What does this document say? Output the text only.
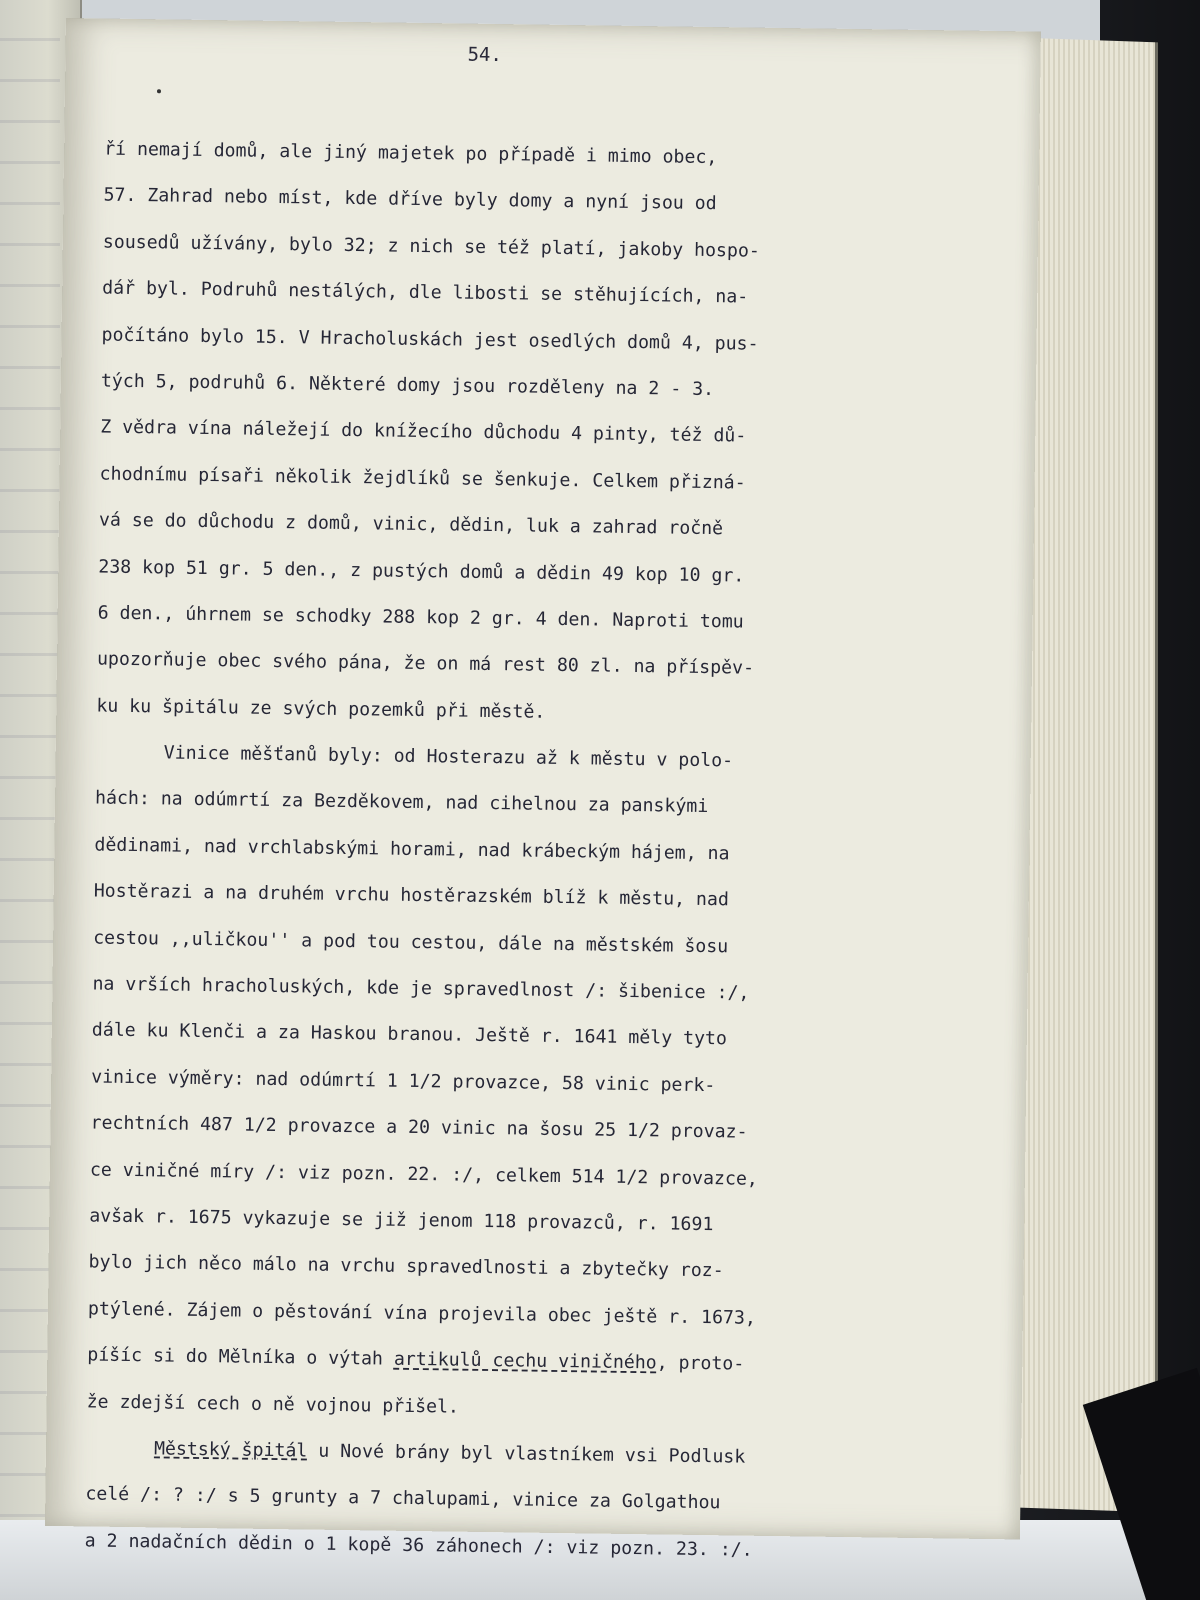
54.
ří nemají domů, ale jiný majetek po případě i mimo obec,
57. Zahrad nebo míst, kde dříve byly domy a nyní jsou od
sousedů užívány, bylo 32; z nich se též platí, jakoby hospo-
dář byl. Podruhů nestálých, dle libosti se stěhujících, na-
počítáno bylo 15. V Hracholuskách jest osedlých domů 4, pus-
tých 5, podruhů 6. Některé domy jsou rozděleny na 2 - 3.
Z vědra vína náležejí do knížecího důchodu 4 pinty, též dů-
chodnímu písaři několik žejdlíků se šenkuje. Celkem přizná-
vá se do důchodu z domů, vinic, dědin, luk a zahrad ročně
238 kop 51 gr. 5 den., z pustých domů a dědin 49 kop 10 gr.
6 den., úhrnem se schodky 288 kop 2 gr. 4 den. Naproti tomu
upozorňuje obec svého pána, že on má rest 80 zl. na příspěv-
ku ku špitálu ze svých pozemků při městě.
Vinice měšťanů byly: od Hosterazu až k městu v polo-
hách: na odúmrtí za Bezděkovem, nad cihelnou za panskými
dědinami, nad vrchlabskými horami, nad krábeckým hájem, na
Hostěrazi a na druhém vrchu hostěrazském blíž k městu, nad
cestou ,,uličkou'' a pod tou cestou, dále na městském šosu
na vrších hracholuských, kde je spravedlnost /: šibenice :/,
dále ku Klenči a za Haskou branou. Ještě r. 1641 měly tyto
vinice výměry: nad odúmrtí 1 1/2 provazce, 58 vinic perk-
rechtních 487 1/2 provazce a 20 vinic na šosu 25 1/2 provaz-
ce viničné míry /: viz pozn. 22. :/, celkem 514 1/2 provazce,
avšak r. 1675 vykazuje se již jenom 118 provazců, r. 1691
bylo jich něco málo na vrchu spravedlnosti a zbytečky roz-
ptýlené. Zájem o pěstování vína projevila obec ještě r. 1673,
píšíc si do Mělníka o výtah artikulů cechu viničného, proto-
že zdejší cech o ně vojnou přišel.
Městský špitál u Nové brány byl vlastníkem vsi Podlusk
celé /: ? :/ s 5 grunty a 7 chalupami, vinice za Golgathou
a 2 nadačních dědin o 1 kopě 36 záhonech /: viz pozn. 23. :/.
